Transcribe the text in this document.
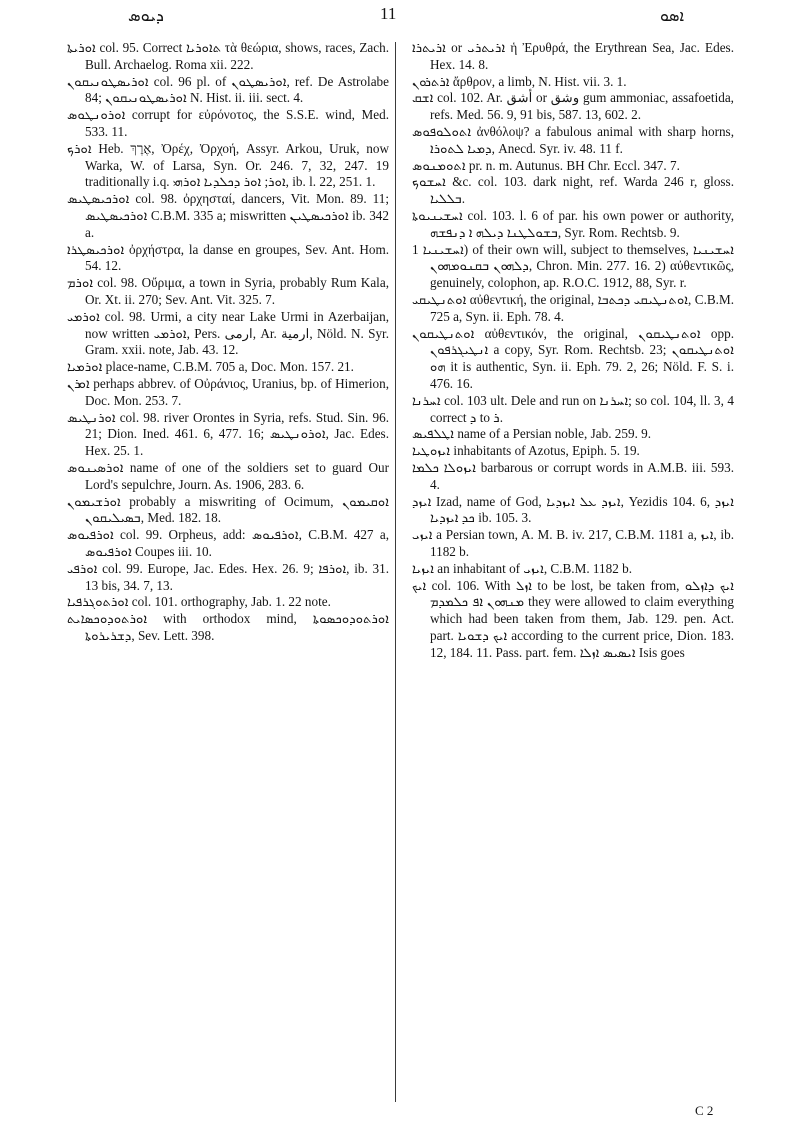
ܕܝܘܣ	11	ܐܣܘ

ܐܘܪܝܬܐ col. 95. Correct ܬܐܘܪܝܐ τὰ θεώρια, shows, races, Zach. Bull. Archaelog. Roma xii. 222.

ܐܘܪܝܣܛܘܢܝܩܘܢ col. 96 pl. of ܐܘܪܝܣܛܘܢ, ref. De Astrolabe 84; ܐܘܪܝܣܛܘܢܝܩܘܢ N. Hist. ii. iii. sect. 4.

ܐܘܪܘܢܛܘܣ corrupt for εὐρόνοτος, the S.S.E. wind, Med. 533. 11.

ܐܘܪܟ Heb. אֶרֶךְ, Ὀρέχ, Ὀρχοή, Assyr. Arkou, Uruk, now Warka, W. of Larsa, Syn. Or. 246. 7, 32, 247. 19 traditionally i.q. ܐܘܪ; ܐܘܪ ܕܟܠܕܝܐ ܐܘܪܗܝ, ib. l. 22, 251. 1.

ܐܘܪܟܝܣܛܝܣ col. 98. ὀρχησταί, dancers, Vit. Mon. 89. 11; ܐܘܪܟܝܣܛܝܣ C.B.M. 335 a; miswritten ܐܘܪܟܝܣܛܝܢ ib. 342 a.

ܐܘܪܟܝܣܛܪܐ ὀρχήστρα, la danse en groupes, Sev. Ant. Hom. 54. 12.

ܐܘܪܡ col. 98. Οὔριμα, a town in Syria, probably Rum Kala, Or. Xt. ii. 270; Sev. Ant. Vit. 325. 7.

ܐܘܪܡܝ col. 98. Urmi, a city near Lake Urmi in Azerbaijan, now written ܐܘܪܡܝ, Pers. ارمی, Ar. ارمية, Nöld. N. Syr. Gram. xxii. note, Jab. 43. 12.

ܐܘܪܡܝܐ place-name, C.B.M. 705 a, Doc. Mon. 157. 21.

ܐܘܪܢ perhaps abbrev. of Οὐράνιος, Uranius, bp. of Himerion, Doc. Mon. 253. 7.

ܐܘܪܢܛܝܣ col. 98. river Orontes in Syria, refs. Stud. Sin. 96. 21; Dion. Ined. 461. 6, 477. 16; ܐܘܪܘܢܛܝܣ, Jac. Edes. Hex. 25. 1.

ܐܘܪܣܝܢܘܣ name of one of the soldiers set to guard Our Lord's sepulchre, Journ. As. 1906, 283. 6.

ܐܘܪܫܝܡܘܢ probably a miswriting of Ocimum, ܐܘܩܝܡܘܢ ܒܣܝܠܝܩܘܢ, Med. 182. 18.

ܐܘܪܦܝܘܣ col. 99. Orpheus, add: ܐܘܪܦܝܘܣ, C.B.M. 427 a, ܐܘܪܦܝܘܣ Coupes iii. 10.

ܐܘܪܦܝ col. 99. Europe, Jac. Edes. Hex. 26. 9; ܐܘܪܦܐ, ib. 31. 13 bis, 34. 7, 13.

ܐܘܪܬܘܓܪܦܝܐ col. 101. orthography, Jab. 1. 22 note.

ܐܘܪܬܘܕܘܟܣܐܝܬ with orthodox mind, ܐܘܪܬܘܕܘܟܣܘܬܐ ܕܫܪܝܪܘܬܐ, Sev. Lett. 398.

ܐܪܝܬܪܐ or ܐܪܝܬܪܝ ἡ Ἐρυθρά, the Erythrean Sea, Jac. Edes. Hex. 14. 8.

ܐܪܬܪܘܢ ἄρθρον, a limb, N. Hist. vii. 3. 1.

ܐܫܩ col. 102. Ar. أشق or وشق gum ammoniac, assafoetida, refs. Med. 56. 9, 91 bis, 587. 13, 602. 2.

ܐܬܘܠܘܦܘܣ ἀνθόλοψ? a fabulous animal with sharp horns, ܕܡܝܐ ܠܬܘܪܐ, Anecd. Syr. iv. 48. 11 f.

ܐܬܘܡܢܘܣ pr. n. m. Autunus. BH Chr. Eccl. 347. 7.

ܐܚܫܘܟ &c. col. 103. dark night, ref. Warda 246 r, gloss. ܒܠܠܝܐ.

ܐܚܫܝܢܝܘܬܐ col. 103. l. 6 of par. his own power or authority, ܒܫܘܠܛܢܐ ܕܝܠܗ ܐ ܕܢܦܫܗ, Syr. Rom. Rechtsb. 9.

ܐܚܫܝܢܝܐ 1) of their own will, subject to themselves, ܐܚܫܝܢܝܐ ܕܠܗܘܢ ܒܩܢܘܡܗܘܢ, Chron. Min. 277. 16. 2) αὐθεντικῶς, genuinely, colophon, ap. R.O.C. 1912, 88, Syr. r.

ܐܘܬܢܛܝܩܝ αὐθεντική, the original, ܐܘܬܢܛܝܩܝ ܕܟܬܒܐ, C.B.M. 725 a, Syn. ii. Eph. 78. 4.

ܐܘܬܢܛܝܩܘܢ αὐθεντικόν, the original, ܐܘܬܢܛܝܩܘܢ opp. ܐܢܛܝܓܪܦܘܢ a copy, Syr. Rom. Rechtsb. 23; ܐܘܬܢܛܝܩܘܢ ܗܘ it is authentic, Syn. ii. Eph. 79. 2, 26; Nöld. F. S. i. 476. 16.

ܐܚܪܢܐ col. 103 ult. Dele and run on ܐܚܪܢܐ; so col. 104, ll. 3, 4 correct ܕ to ܪ.

ܐܛܠܦܝܣ name of a Persian noble, Jab. 259. 9.

ܐܝܙܘܛܝܐ inhabitants of Azotus, Epiph. 5. 19.

ܐܝܙܘܠܐ ܟܠܡܐ barbarous or corrupt words in A.M.B. iii. 593. 4.

ܐܝܙܕ Izad, name of God, ܐܝܙܕ ܥܠ ܐܝܙܕܝܐ, Yezidis 104. 6, ܐܝܙܕ ܟܕ ܐܝܙܕܝܐ ib. 105. 3.

ܐܝܙܝ a Persian town, A. M. B. iv. 217, C.B.M. 1181 a, ܐܝܙ, ib. 1182 b.

ܐܝܙܝܐ an inhabitant of ܐܝܙܝ, C.B.M. 1182 b.

ܐܝܟ col. 106. With ܐܙܠ to be lost, be taken from, ܐܝܟ ܕܐܙܠܘ ܡܢܗܘܢ ܐܦ ܟܠܡܕܡ they were allowed to claim everything which had been taken from them, Jab. 129. pen. Act. part. ܐܝܟ ܕܫܘܝܐ according to the current price, Dion. 183. 12, 184. 11. Pass. part. fem. ܐܝܣܝܣ ܐܙܠܐ Isis goes

C 2
